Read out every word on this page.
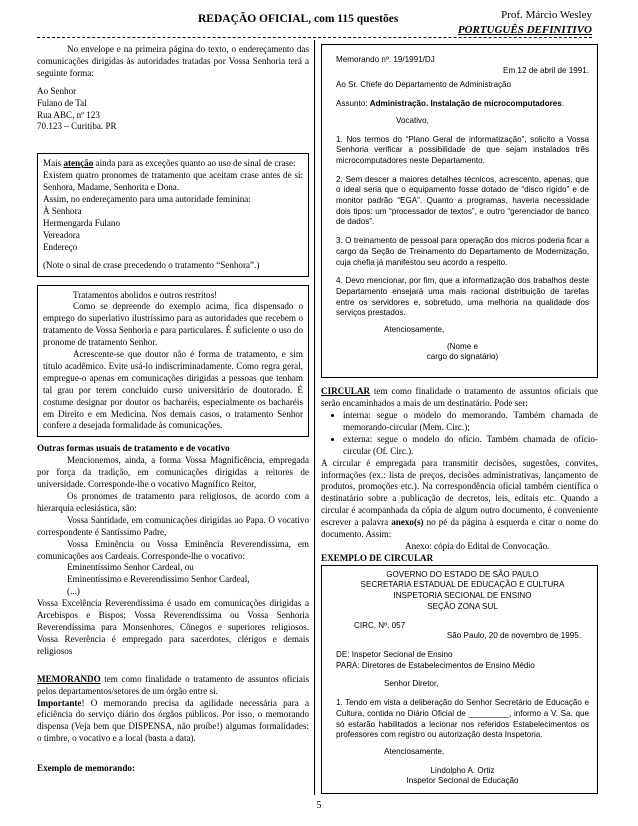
REDAÇÃO OFICIAL, com 115 questões	Prof. Márcio Wesley
PORTUGUÊS DEFINITIVO

No envelope e na primeira página do texto, o endereçamento das comunicações dirigidas às autoridades tratadas por Vossa Senhoria terá a seguinte forma:

Ao Senhor
Fulano de Tal
Rua ABC, nº 123
70.123 – Curitiba. PR

Mais atenção ainda para as exceções quanto ao uso de sinal de crase:

Existem quatro pronomes de tratamento que aceitam crase antes de si: Senhora, Madame, Senhorita e Dona.

Assim, no endereçamento para uma autoridade feminina:

À Senhora
Hermengarda Fulano
Vereadora
Endereço

(Note o sinal de crase precedendo o tratamento “Senhora”.)

Tratamentos abolidos e outros restritos!

Como se depreende do exemplo acima, fica dispensado o emprego do superlativo ilustríssimo para as autoridades que recebem o tratamento de Vossa Senhoria e para particulares. É suficiente o uso do pronome de tratamento Senhor.

Acrescente-se que doutor não é forma de tratamento, e sim título acadêmico. Evite usá-lo indiscriminadamente. Como regra geral, empregue-o apenas em comunicações dirigidas a pessoas que tenham tal grau por terem concluído curso universitário de doutorado. É costume designar por doutor os bacharéis, especialmente os bacharéis em Direito e em Medicina. Nos demais casos, o tratamento Senhor confere a desejada formalidade às comunicações.

Outras formas usuais de tratamento e de vocativo

Mencionemos, ainda, a forma Vossa Magnificência, empregada por força da tradição, em comunicações dirigidas a reitores de universidade. Corresponde-lhe o vocativo Magnífico Reitor,

Os pronomes de tratamento para religiosos, de acordo com a hierarquia eclesiástica, são:

Vossa Santidade, em comunicações dirigidas ao Papa. O vocativo correspondente é Santíssimo Padre,

Vossa Eminência ou Vossa Eminência Reverendíssima, em comunicações aos Cardeais. Corresponde-lhe o vocativo:

Eminentíssimo Senhor Cardeal, ou
Eminentíssimo e Reverendíssimo Senhor Cardeal,
(...)

Vossa Excelência Reverendíssima é usado em comunicações dirigidas a Arcebispos e Bispos; Vossa Reverendíssima ou Vossa Senhoria Reverendíssima para Monsenhores, Cônegos e superiores religiosos. Vossa Reverência é empregado para sacerdotes, clérigos e demais religiosos

MEMORANDO tem como finalidade o tratamento de assuntos oficiais pelos departamentos/setores de um órgão entre si.

Importante! O memorando precisa da agilidade necessária para a eficiência do serviço diário dos órgãos públicos. Por isso, o memorando dispensa (Veja bem que DISPENSA, não proíbe!) algumas formalidades: o timbre, o vocativo e a local (basta a data).

Exemplo de memorando:

Memorando nº. 19/1991/DJ
Em 12 de abril de 1991.
Ao Sr. Chefe do Departamento de Administração
Assunto: Administração. Instalação de microcomputadores.
Vocativo,

1. Nos termos do “Plano Geral de informatização”, solicito a Vossa Senhoria verificar a possibilidade de que sejam instalados três microcomputadores neste Departamento.

2. Sem descer a maiores detalhes técnicos, acrescento, apenas, que o ideal seria que o equipamento fosse dotado de “disco rígido” e de monitor padrão “EGA”. Quanto a programas, haveria necessidade dois tipos: um “processador de textos”, e outro “gerenciador de banco de dados”.

3. O treinamento de pessoal para operação dos micros poderia ficar a cargo da Seção de Treinamento do Departamento de Modernização, cuja chefia já manifestou seu acordo a respeito.

4. Devo mencionar, por fim, que a informatização dos trabalhos deste Departamento ensejará uma mais racional distribuição de tarefas entre os servidores e, sobretudo, uma melhoria na qualidade dos serviços prestados.

Atenciosamente,
(Nome e
cargo do signatário)

CIRCULAR tem como finalidade o tratamento de assuntos oficiais que serão encaminhados a mais de um destinatário. Pode ser:

• interna: segue o modelo do memorando. Também chamada de memorando-circular (Mem. Circ.);
• externa: segue o modelo do ofício. Também chamada de ofício-circular (Of. Circ.).

A circular é empregada para transmitir decisões, sugestões, convites, informações (ex.: lista de preços, decisões administrativas, lançamento de produtos, promoções etc.). Na correspondência oficial também científica o destinatário sobre a publicação de decretos, leis, editais etc. Quando a circular é acompanhada da cópia de algum outro documento, é conveniente escrever a palavra anexo(s) no pé da página à esquerda e citar o nome do documento. Assim:

Anexo: cópia do Edital de Convocação.

EXEMPLO DE CIRCULAR

GOVERNO DO ESTADO DE SÃO PAULO
SECRETARIA ESTADUAL DE EDUCAÇÃO E CULTURA
INSPETORIA SECIONAL DE ENSINO
SEÇÃO ZONA SUL
CIRC. Nº. 057
São Paulo, 20 de novembro de 1995.
DE: Inspetor Secional de Ensino
PARA: Diretores de Estabelecimentos de Ensino Médio
Senhor Diretor,

1. Tendo em vista a deliberação do Senhor Secretário de Educação e Cultura, contida no Diário Oficial de _________, informo a V. Sa. que só estarão habilitados a lecionar nos referidos Estabelecimentos os professores com registro ou autorização desta Inspetoria.

Atenciosamente,
Lindolpho A. Ortiz
Inspetor Secional de Educação
5
